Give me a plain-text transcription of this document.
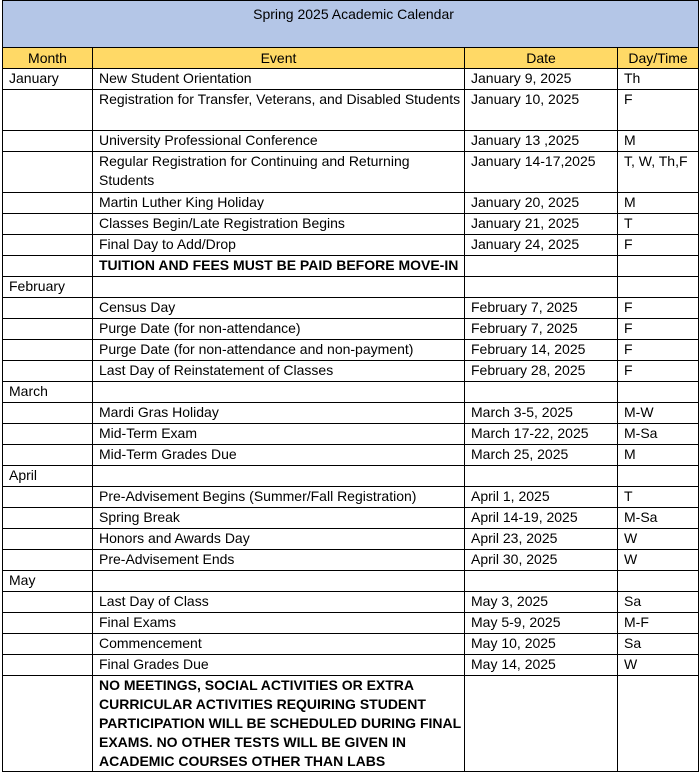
Spring 2025 Academic Calendar			
Month	Event	Date	Day/Time
January	New Student Orientation	January 9, 2025	Th
	Registration for Transfer, Veterans, and Disabled Students	January 10, 2025	F
	University Professional Conference	January 13 ,2025	M
	Regular Registration for Continuing and Returning Students	January 14-17,2025	T, W, Th,F
	Martin Luther King Holiday	January 20, 2025	M
	Classes Begin/Late Registration Begins	January 21, 2025	T
	Final Day to Add/Drop	January 24, 2025	F
	TUITION AND FEES MUST BE PAID BEFORE MOVE-IN		
February			
	Census Day	February 7, 2025	F
	Purge Date (for non-attendance)	February 7, 2025	F
	Purge Date (for non-attendance and non-payment)	February 14, 2025	F
	Last Day of Reinstatement of Classes	February 28, 2025	F
March			
	Mardi Gras Holiday	March 3-5, 2025	M-W
	Mid-Term Exam	March 17-22, 2025	M-Sa
	Mid-Term Grades Due	March 25, 2025	M
April			
	Pre-Advisement Begins (Summer/Fall Registration)	April 1, 2025	T
	Spring Break	April 14-19, 2025	M-Sa
	Honors and Awards Day	April 23, 2025	W
	Pre-Advisement Ends	April 30, 2025	W
May			
	Last Day of Class	May 3, 2025	Sa
	Final Exams	May 5-9, 2025	M-F
	Commencement	May 10, 2025	Sa
	Final Grades Due	May 14, 2025	W
	NO MEETINGS, SOCIAL ACTIVITIES OR EXTRA CURRICULAR ACTIVITIES REQUIRING STUDENT PARTICIPATION WILL BE SCHEDULED DURING FINAL EXAMS. NO OTHER TESTS WILL BE GIVEN IN ACADEMIC COURSES OTHER THAN LABS		
